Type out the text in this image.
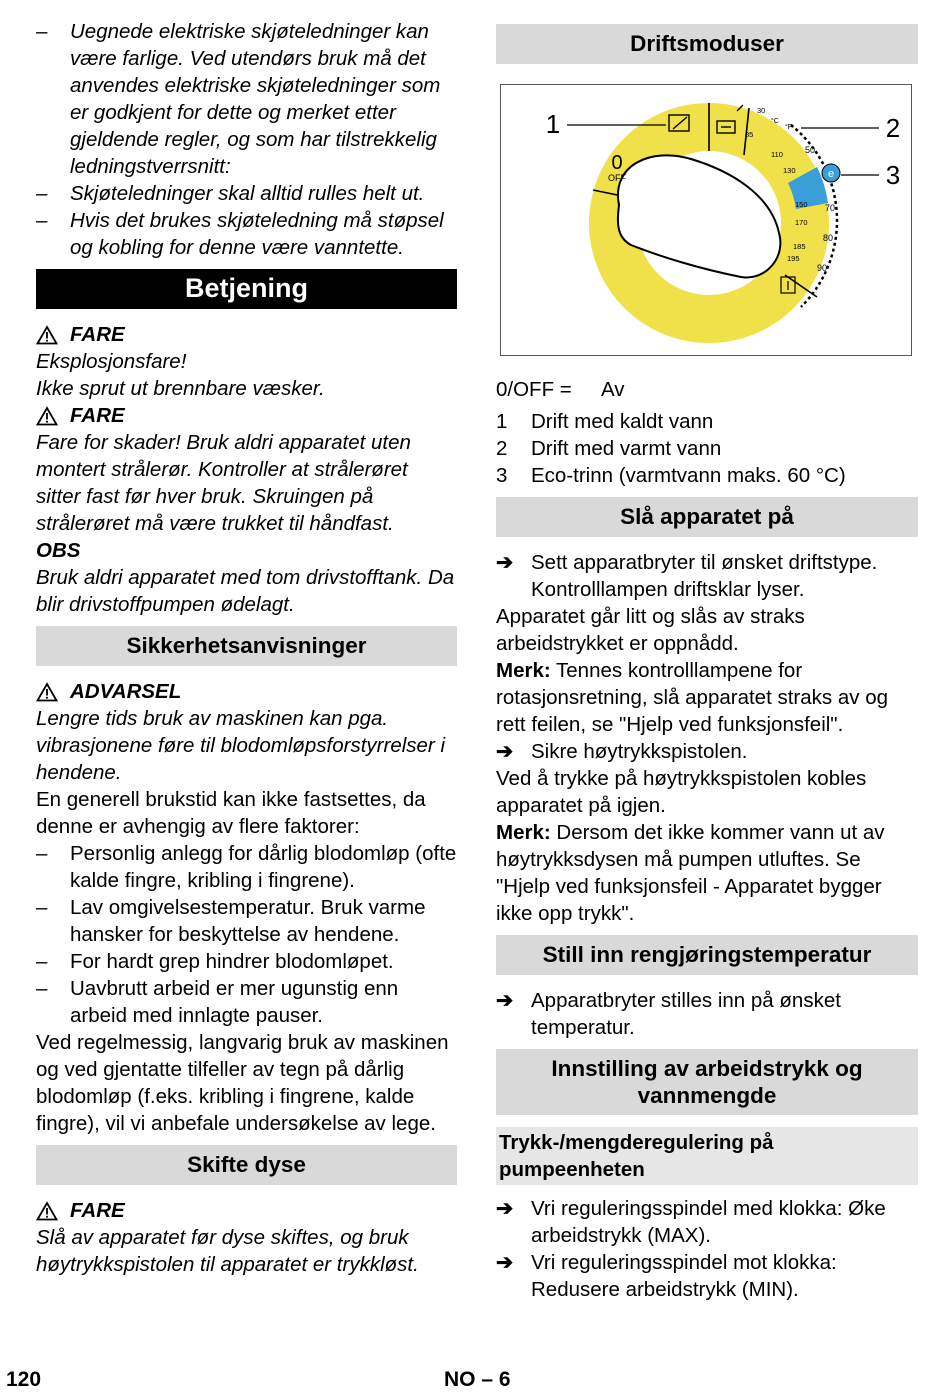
–	Uegnede elektriske skjøteledninger kan være farlige. Ved utendørs bruk må det anvendes elektriske skjøteledninger som er godkjent for dette og merket etter gjeldende regler, og som har tilstrekkelig ledningstverrsnitt:
–	Skjøteledninger skal alltid rulles helt ut.
–	Hvis det brukes skjøteledning må støpsel og kobling for denne være vanntette.
Betjening
FARE

Eksplosjonsfare!

Ikke sprut ut brennbare væsker.

FARE

Fare for skader! Bruk aldri apparatet uten montert strålerør. Kontroller at strålerøret sitter fast før hver bruk. Skruingen på strålerøret må være trukket til håndfast.

OBS

Bruk aldri apparatet med tom drivstofftank. Da blir drivstoffpumpen ødelagt.

Sikkerhetsanvisninger
ADVARSEL

Lengre tids bruk av maskinen kan pga. vibrasjonene føre til blodomløpsforstyrrelser i hendene.

En generell brukstid kan ikke fastsettes, da denne er avhengig av flere faktorer:

–	Personlig anlegg for dårlig blodomløp (ofte kalde fingre, kribling i fingrene).
–	Lav omgivelsestemperatur. Bruk varme hansker for beskyttelse av hendene.
–	For hardt grep hindrer blodomløpet.
–	Uavbrutt arbeid er mer ugunstig enn arbeid med innlagte pauser.

Ved regelmessig, langvarig bruk av maskinen og ved gjentatte tilfeller av tegn på dårlig blodomløp (f.eks. kribling i fingrene, kalde fingre), vil vi anbefale undersøkelse av lege.

Skifte dyse
FARE

Slå av apparatet før dyse skiftes, og bruk høytrykkspistolen til apparatet er trykkløst.

Driftsmoduser
1	2
3
0
OFF	e
°C
°F
30
85
110
130
150
170
185
195
50
70
80
90
0/OFF =	Av
1	Drift med kaldt vann
2	Drift med varmt vann
3	Eco-trinn (varmtvann maks. 60 °C)
Slå apparatet på
➔ Sett apparatbryter til ønsket driftstype. Kontrolllampen driftsklar lyser.

Apparatet går litt og slås av straks arbeidstrykket er oppnådd.

Merk: Tennes kontrolllampene for rotasjonsretning, slå apparatet straks av og rett feilen, se "Hjelp ved funksjonsfeil".

➔ Sikre høytrykkspistolen.

Ved å trykke på høytrykkspistolen kobles apparatet på igjen.

Merk: Dersom det ikke kommer vann ut av høytrykksdysen må pumpen utluftes. Se "Hjelp ved funksjonsfeil - Apparatet bygger ikke opp trykk".

Still inn rengjøringstemperatur
➔ Apparatbryter stilles inn på ønsket temperatur.
Innstilling av arbeidstrykk og vannmengde
Trykk-/mengderegulering på pumpeenheten
➔ Vri reguleringsspindel med klokka: Øke arbeidstrykk (MAX).
➔ Vri reguleringsspindel mot klokka: Redusere arbeidstrykk (MIN).
120	NO – 6
